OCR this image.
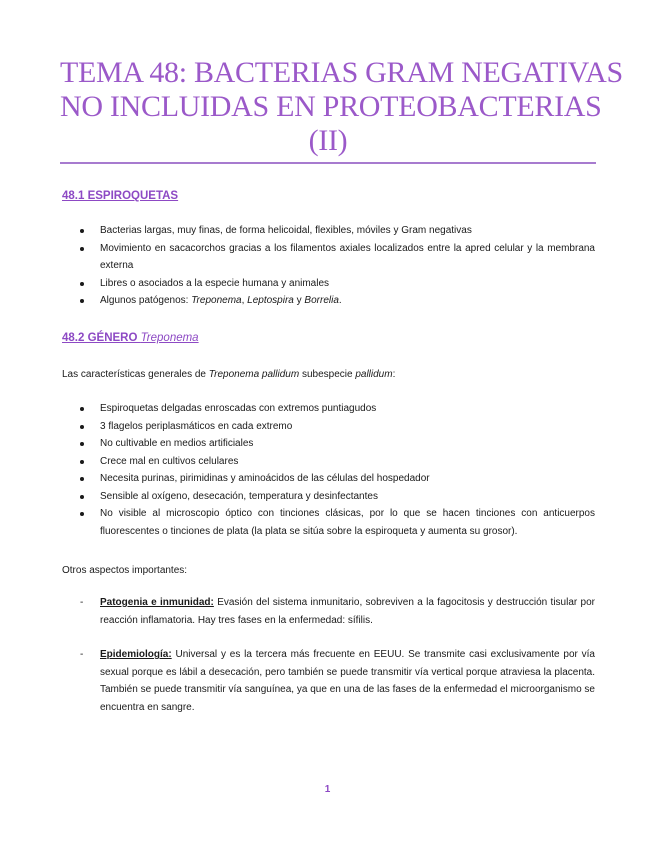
TEMA 48: BACTERIAS GRAM NEGATIVAS
NO INCLUIDAS EN PROTEOBACTERIAS
(II)
48.1 ESPIROQUETAS
Bacterias largas, muy finas, de forma helicoidal, flexibles, móviles y Gram negativas
Movimiento en sacacorchos gracias a los filamentos axiales localizados entre la apred celular y la membrana externa
Libres o asociados a la especie humana y animales
Algunos patógenos: Treponema, Leptospira y Borrelia.
48.2 GÉNERO Treponema
Las características generales de Treponema pallidum subespecie pallidum:
Espiroquetas delgadas enroscadas con extremos puntiagudos
3 flagelos periplasmáticos en cada extremo
No cultivable en medios artificiales
Crece mal en cultivos celulares
Necesita purinas, pirimidinas y aminoácidos de las células del hospedador
Sensible al oxígeno, desecación, temperatura y desinfectantes
No visible al microscopio óptico con tinciones clásicas, por lo que se hacen tinciones con anticuerpos fluorescentes o tinciones de plata (la plata se sitúa sobre la espiroqueta y aumenta su grosor).
Otros aspectos importantes:
- Patogenia e inmunidad: Evasión del sistema inmunitario, sobreviven a la fagocitosis y destrucción tisular por reacción inflamatoria. Hay tres fases en la enfermedad: sífilis.
- Epidemiología: Universal y es la tercera más frecuente en EEUU. Se transmite casi exclusivamente por vía sexual porque es lábil a desecación, pero también se puede transmitir vía vertical porque atraviesa la placenta. También se puede transmitir vía sanguínea, ya que en una de las fases de la enfermedad el microorganismo se encuentra en sangre.
1
